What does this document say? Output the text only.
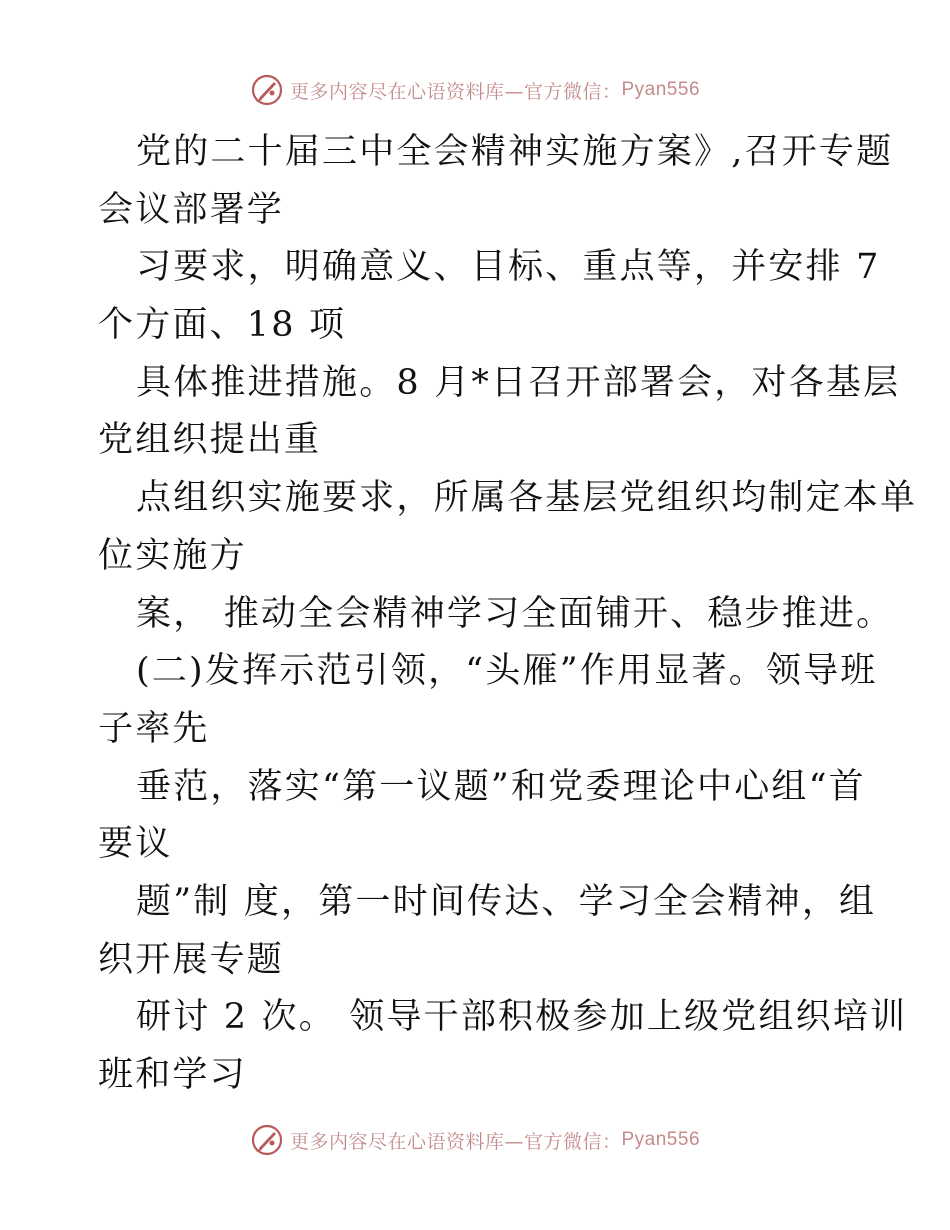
更多内容尽在心语资料库—官方微信： Pyan556
党的二十届三中全会精神实施方案》,召开专题
会议部署学
习要求，明确意义、目标、重点等，并安排 7
个方面、18 项
具体推进措施。8 月*日召开部署会，对各基层
党组织提出重
点组织实施要求，所属各基层党组织均制定本单
位实施方
案， 推动全会精神学习全面铺开、稳步推进。
(二)发挥示范引领，“头雁”作用显著。领导班
子率先
垂范，落实“第一议题”和党委理论中心组“首
要议
题”制 度，第一时间传达、学习全会精神，组
织开展专题
研讨 2 次。 领导干部积极参加上级党组织培训
班和学习
更多内容尽在心语资料库—官方微信： Pyan556
